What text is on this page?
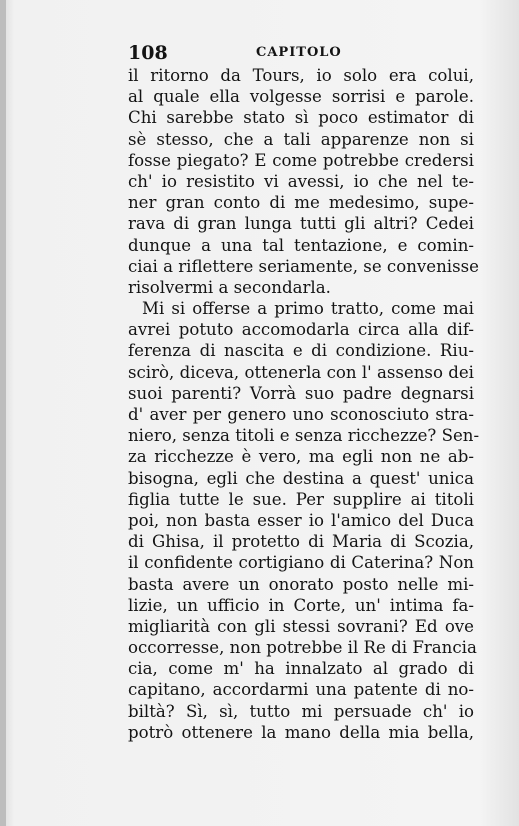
108	CAPITOLO
il ritorno da Tours, io solo era colui,
al quale ella volgesse sorrisi e parole.
Chi sarebbe stato sì poco estimator di
sè stesso, che a tali apparenze non si
fosse piegato? E come potrebbe credersi
ch' io resistito vi avessi, io che nel te-
ner gran conto di me medesimo, supe-
rava di gran lunga tutti gli altri? Cedei
dunque a una tal tentazione, e comin-
ciai a riflettere seriamente, se convenisse
risolvermi a secondarla.
Mi si offerse a primo tratto, come mai
avrei potuto accomodarla circa alla dif-
ferenza di nascita e di condizione. Riu-
scirò, diceva, ottenerla con l' assenso dei
suoi parenti? Vorrà suo padre degnarsi
d' aver per genero uno sconosciuto stra-
niero, senza titoli e senza ricchezze? Sen-
za ricchezze è vero, ma egli non ne ab-
bisogna, egli che destina a quest' unica
figlia tutte le sue. Per supplire ai titoli
poi, non basta esser io l'amico del Duca
di Ghisa, il protetto di Maria di Scozia,
il confidente cortigiano di Caterina? Non
basta avere un onorato posto nelle mi-
lizie, un ufficio in Corte, un' intima fa-
migliarità con gli stessi sovrani? Ed ove
occorresse, non potrebbe il Re di Francia
cia, come m' ha innalzato al grado di
capitano, accordarmi una patente di no-
biltà? Sì, sì, tutto mi persuade ch' io
potrò ottenere la mano della mia bella,
